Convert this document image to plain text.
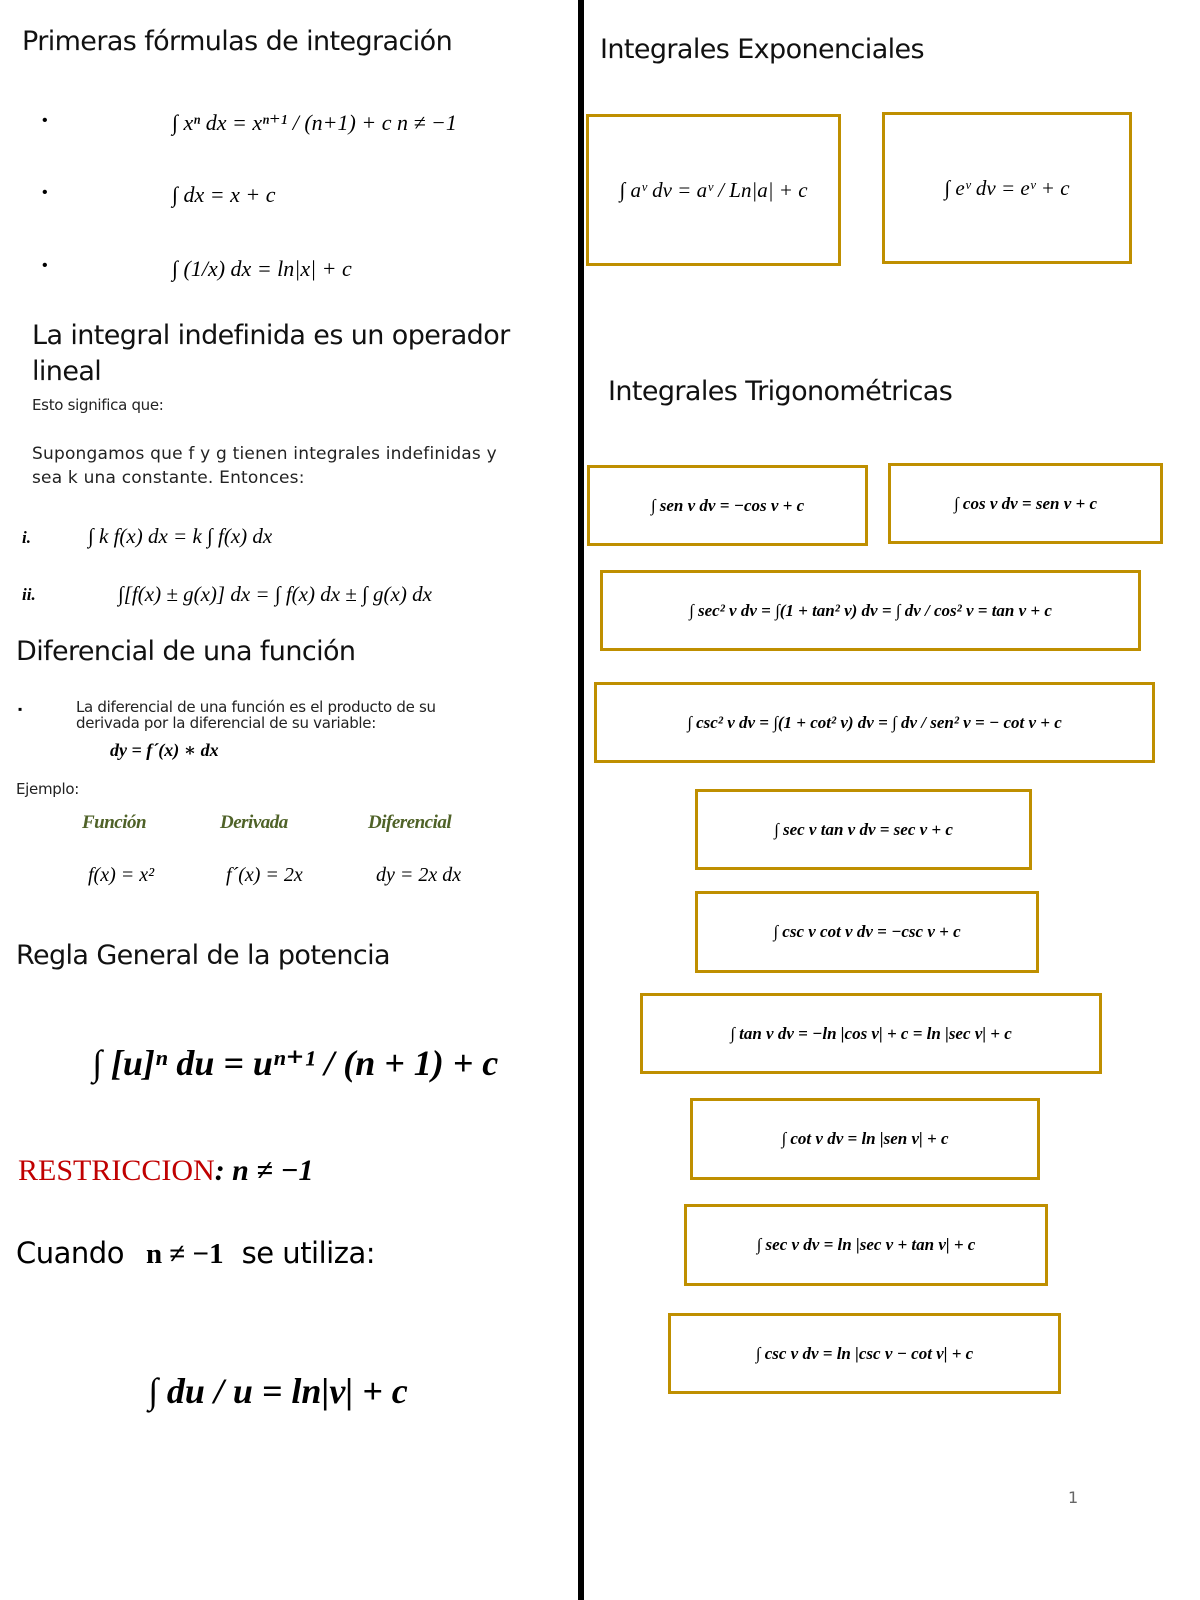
Primeras fórmulas de integración
•	∫ xⁿ dx = xⁿ⁺¹ / (n+1) + c n ≠ −1
•	∫ dx = x + c
•	∫ (1/x) dx = ln|x| + c
La integral indefinida es un operador
lineal
Esto significa que:
Supongamos que f y g tienen integrales indefinidas y
sea k una constante. Entonces:
i.	∫ k f(x) dx = k ∫ f(x) dx
ii.	∫[f(x) ± g(x)] dx = ∫ f(x) dx ± ∫ g(x) dx
Diferencial de una función
▪	La diferencial de una función es el producto de su
derivada por la diferencial de su variable:
dy = f´(x) ∗ dx
Ejemplo:
Función	Derivada	Diferencial
f(x) = x²	f´(x) = 2x	dy = 2x dx
Regla General de la potencia
∫ [u]ⁿ du = uⁿ⁺¹ / (n + 1) + c
RESTRICCION: n ≠ −1
Cuando n ≠ −1 se utiliza:
∫ du / u = ln|v| + c
Integrales Exponenciales
∫ aᵛ dv = aᵛ / Ln|a| + c	∫ eᵛ dv = eᵛ + c
Integrales Trigonométricas
∫ sen v dv = −cos v + c	∫ cos v dv = sen v + c
∫ sec² v dv = ∫(1 + tan² v) dv = ∫ dv / cos² v = tan v + c
∫ csc² v dv = ∫(1 + cot² v) dv = ∫ dv / sen² v = − cot v + c
∫ sec v tan v dv = sec v + c
∫ csc v cot v dv = −csc v + c
∫ tan v dv = −ln |cos v| + c = ln |sec v| + c
∫ cot v dv = ln |sen v| + c
∫ sec v dv = ln |sec v + tan v| + c
∫ csc v dv = ln |csc v − cot v| + c
1
